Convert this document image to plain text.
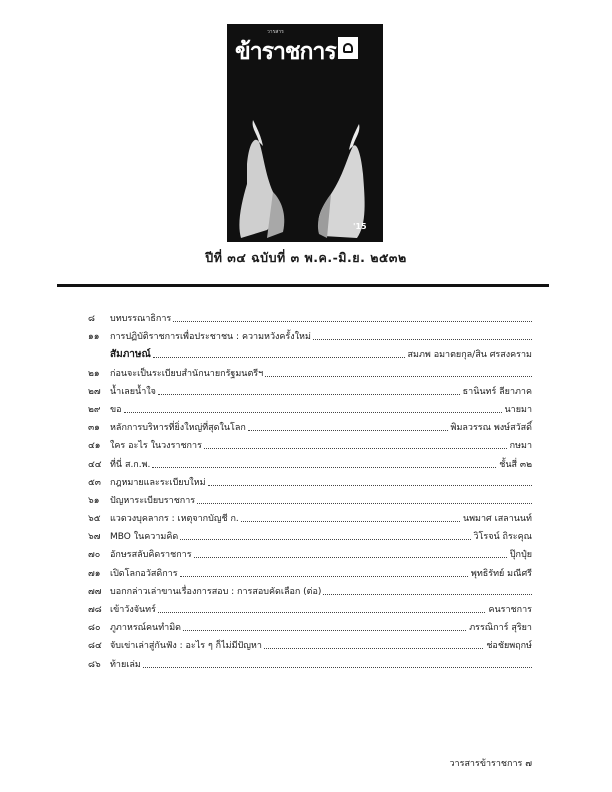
วารสาร
ข้าราชการ
'15
ปีที่ ๓๔ ฉบับที่ ๓ พ.ค.-มิ.ย. ๒๕๓๒
๘	บทบรรณาธิการ
๑๑	การปฏิบัติราชการเพื่อประชาชน : ความหวังครั้งใหม่
สัมภาษณ์	สมภพ อมาตยกุล/สิน ศรสงคราม
๒๑	ก่อนจะเป็นระเบียบสำนักนายกรัฐมนตรีฯ
๒๗	น้ำเลยน้ำใจ	ธานินทร์ ลียาภาค
๒๙	ขอ	นายมา
๓๑	หลักการบริหารที่ยิ่งใหญ่ที่สุดในโลก	พิมลวรรณ พงษ์สวัสดิ์
๔๑	ใคร อะไร ในวงราชการ	กษมา
๔๔ ที่นี่ ส.ก.พ.	ชั้นสี่ ๓๒
๕๓	กฎหมายและระเบียบใหม่
๖๑	ปัญหาระเบียบราชการ
๖๕	แวดวงบุคลากร : เหตุจากบัญชี ก.	นพมาศ เสลานนท์
๖๗	MBO ในความคิด	วิโรจน์ ถิระคุณ
๗๐	อักษรสลับคิดราชการ	ปุ๊กปุ๋ย
๗๑	เปิดโลกอวัสดิการ	พุทธิรัทย์ มณีศรี
๗๗ บอกกล่าวเล่าขานเรื่องการสอบ : การสอบคัดเลือก (ต่อ)
๗๘ เข้าวังจันทร์	คนราชการ
๘๐	ภูภาหรณ์คนทำมิด	ภรรณิการ์ สุริยา
๘๔ จับเข่าเล่าสู่กันฟัง : อะไร ๆ ก็ไม่มีปัญหา	ช่อชัยพฤกษ์
๘๖	ท้ายเล่ม
วารสารข้าราชการ ๗
